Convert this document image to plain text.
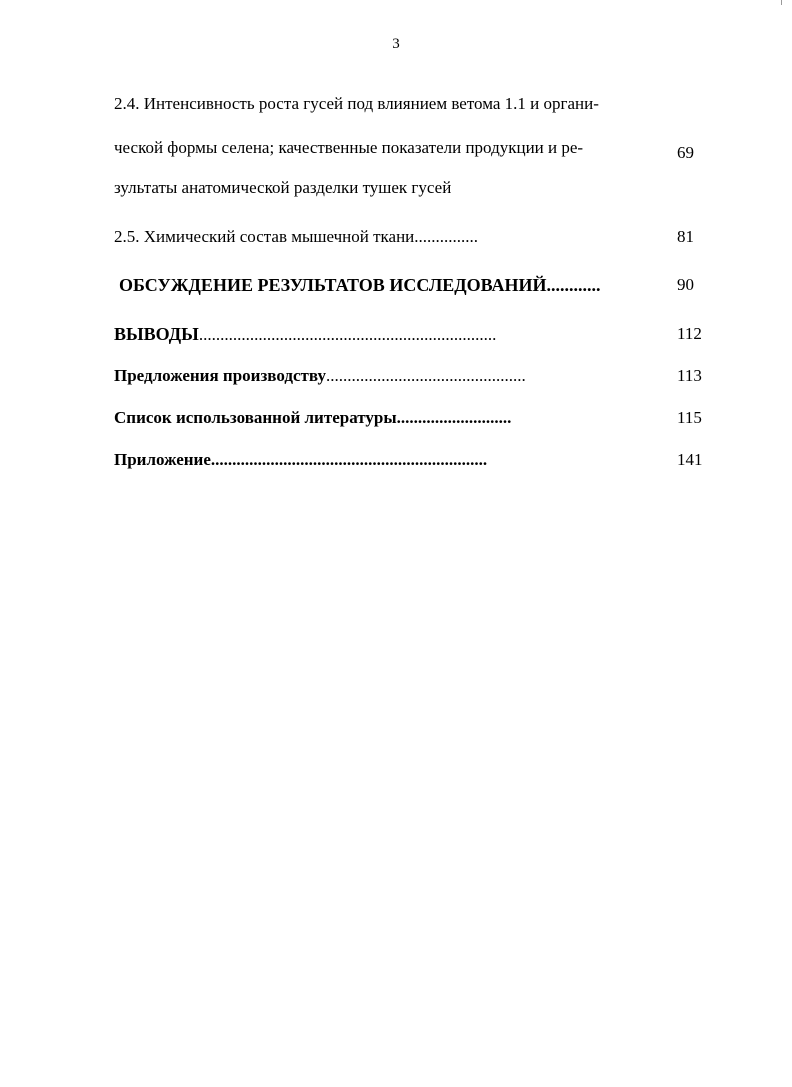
3
2.4. Интенсивность роста гусей под влиянием ветома 1.1 и органи-
ческой формы селена; качественные показатели продукции и ре-
зультаты анатомической разделки тушек гусей
69
2.5. Химический состав мышечной ткани...............	81
ОБСУЖДЕНИЕ РЕЗУЛЬТАТОВ ИССЛЕДОВАНИЙ............	90
ВЫВОДЫ......................................................................	112
Предложения производству...............................................	113
Список использованной литературы...........................	115
Приложение.................................................................	141
